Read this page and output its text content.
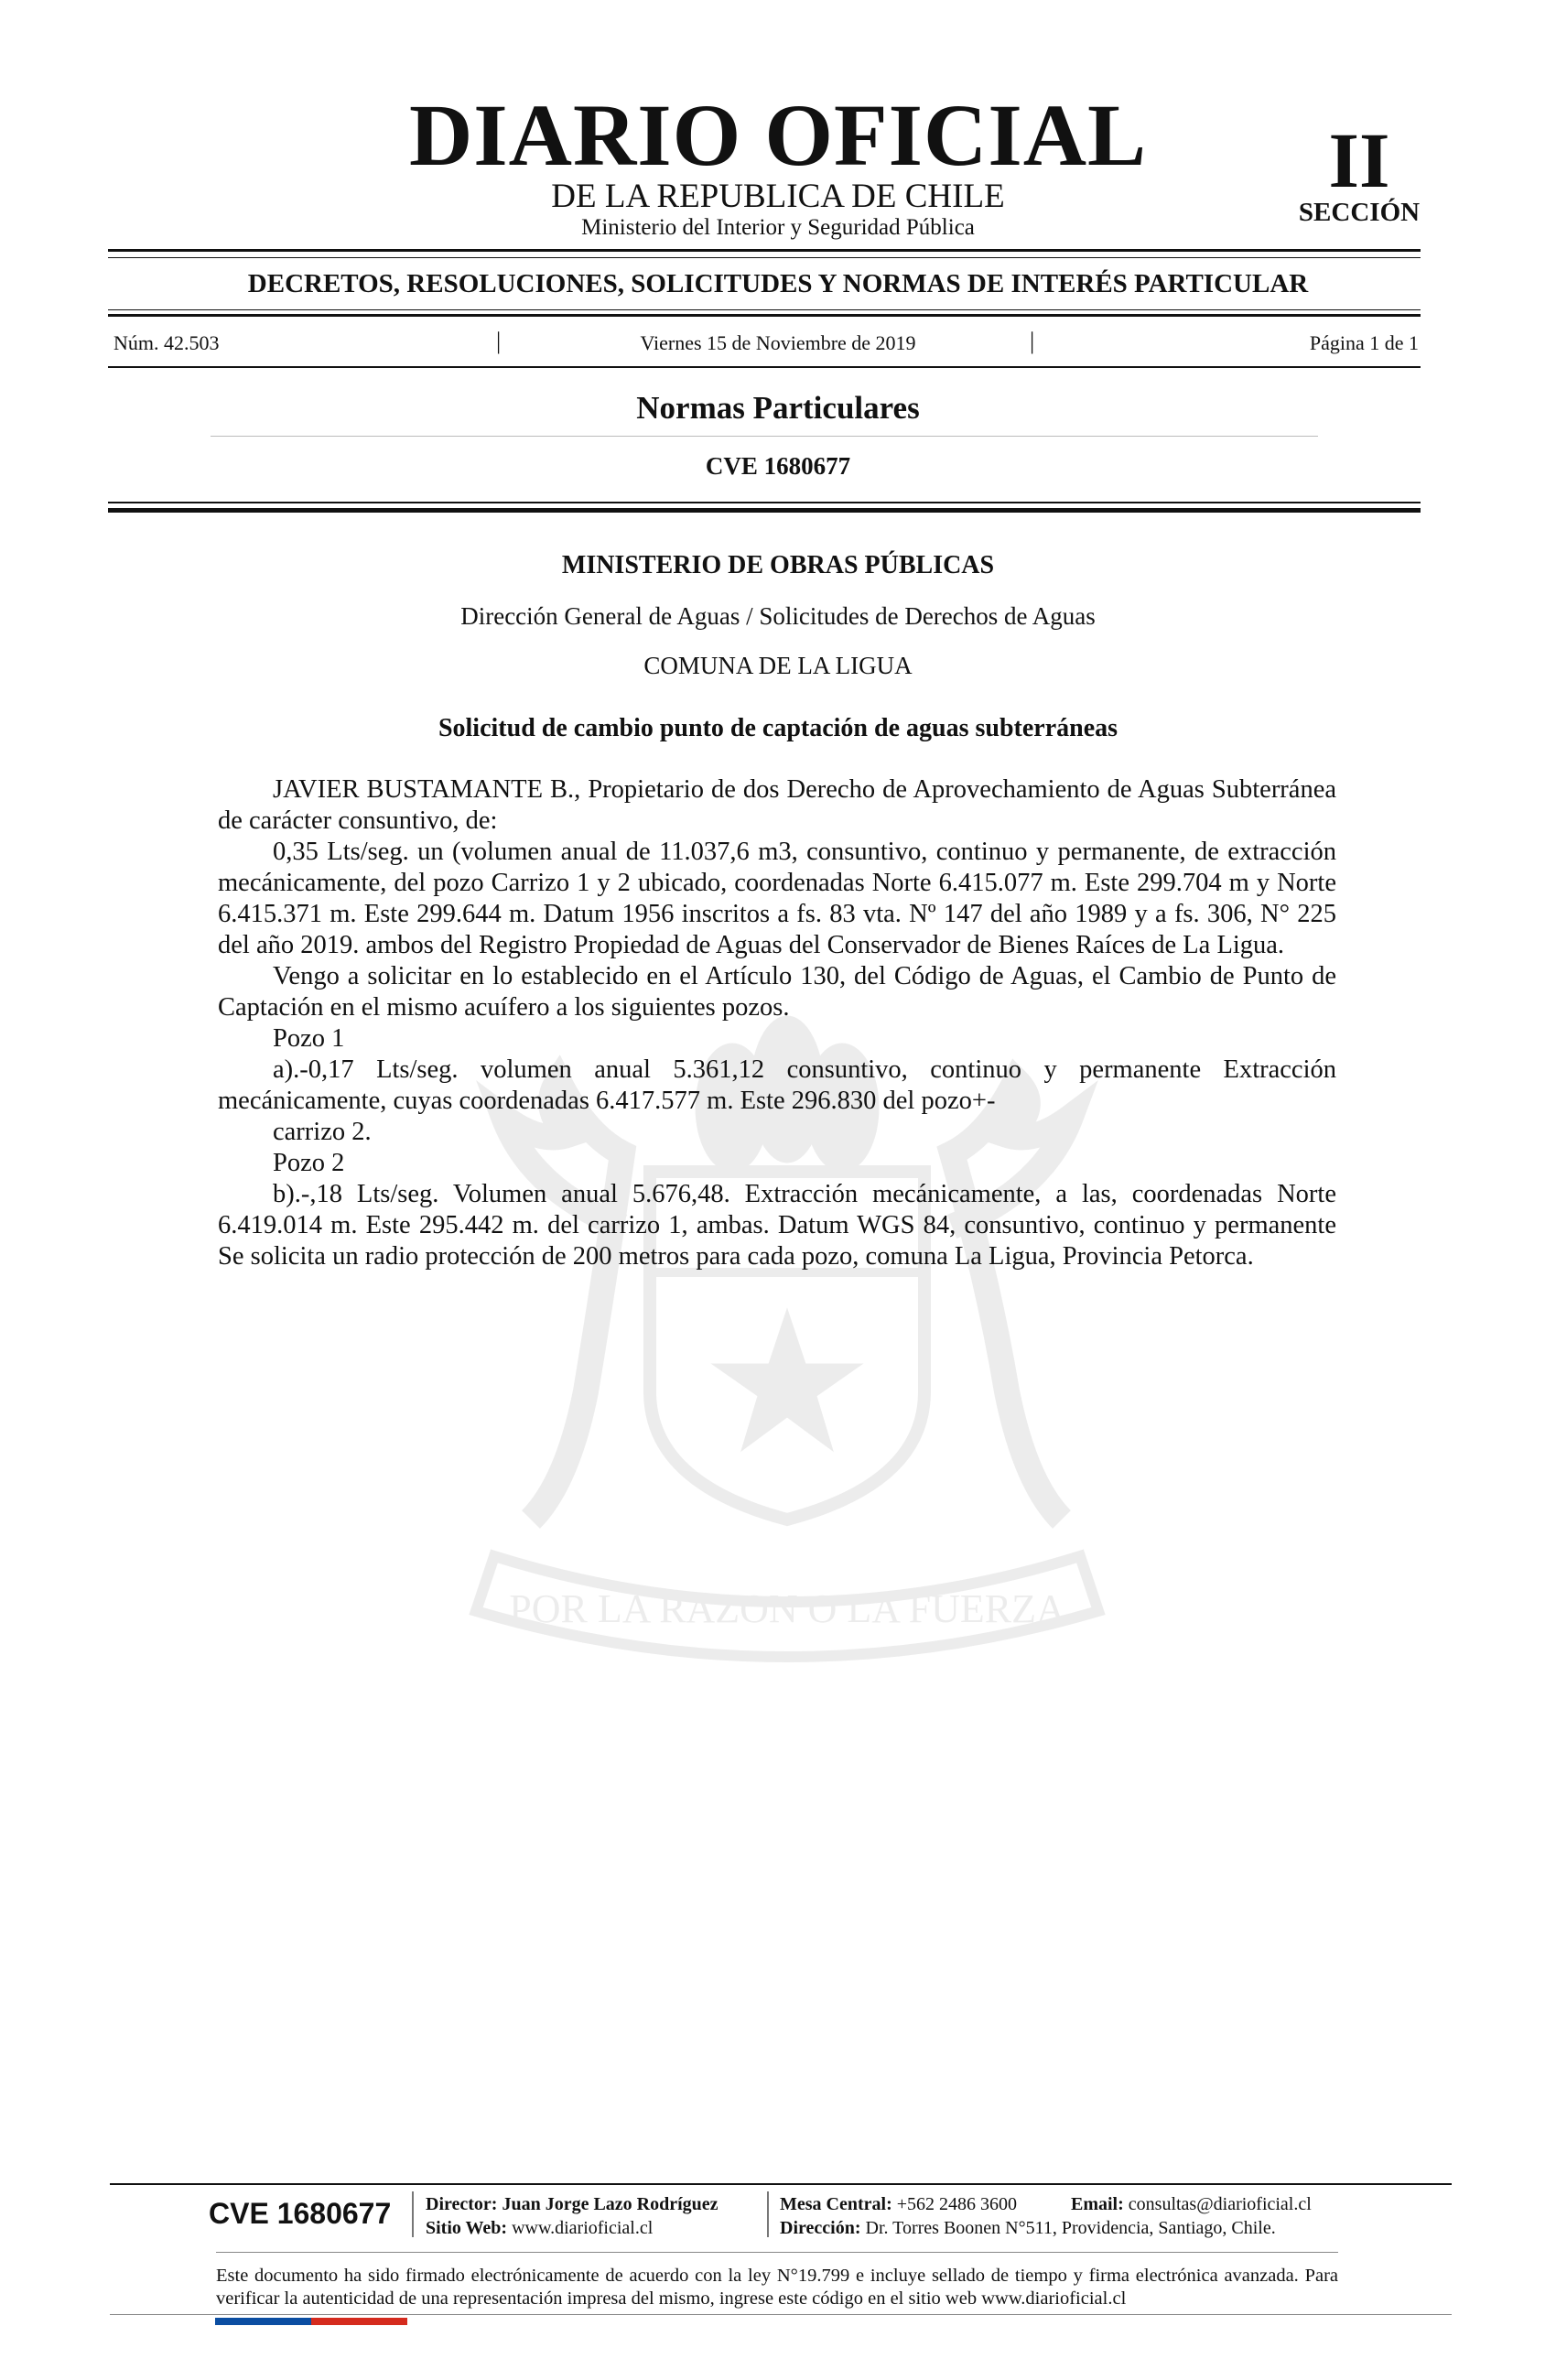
POR LA RAZON O LA FUERZA
DIARIO OFICIAL
DE LA REPUBLICA DE CHILE
Ministerio del Interior y Seguridad Pública
II
SECCIÓN
DECRETOS, RESOLUCIONES, SOLICITUDES Y NORMAS DE INTERÉS PARTICULAR
Núm. 42.503	|	Viernes 15 de Noviembre de 2019	|	Página 1 de 1
Normas Particulares
CVE 1680677
MINISTERIO DE OBRAS PÚBLICAS
Dirección General de Aguas / Solicitudes de Derechos de Aguas
COMUNA DE LA LIGUA
Solicitud de cambio punto de captación de aguas subterráneas

JAVIER BUSTAMANTE B., Propietario de dos Derecho de Aprovechamiento de Aguas Subterránea de carácter consuntivo, de:

0,35 Lts/seg. un (volumen anual de 11.037,6 m3, consuntivo, continuo y permanente, de extracción mecánicamente, del pozo Carrizo 1 y 2 ubicado, coordenadas Norte 6.415.077 m. Este 299.704 m y Norte 6.415.371 m. Este 299.644 m. Datum 1956 inscritos a fs. 83 vta. Nº 147 del año 1989 y a fs. 306, N° 225 del año 2019. ambos del Registro Propiedad de Aguas del Conservador de Bienes Raíces de La Ligua.

Vengo a solicitar en lo establecido en el Artículo 130, del Código de Aguas, el Cambio de Punto de Captación en el mismo acuífero a los siguientes pozos.

Pozo 1

a).-0,17 Lts/seg. volumen anual 5.361,12 consuntivo, continuo y permanente Extracción mecánicamente, cuyas coordenadas 6.417.577 m. Este 296.830 del pozo+-

carrizo 2.

Pozo 2

b).-,18 Lts/seg. Volumen anual 5.676,48. Extracción mecánicamente, a las, coordenadas Norte 6.419.014 m. Este 295.442 m. del carrizo 1, ambas. Datum WGS 84, consuntivo, continuo y permanente Se solicita un radio protección de 200 metros para cada pozo, comuna La Ligua, Provincia Petorca.

CVE 1680677 Director: Juan Jorge Lazo Rodríguez
Sitio Web: www.diarioficial.cl
Mesa Central: +562 2486 3600	Email: consultas@diarioficial.cl
Dirección: Dr. Torres Boonen N°511, Providencia, Santiago, Chile.
Este documento ha sido firmado electrónicamente de acuerdo con la ley N°19.799 e incluye sellado de tiempo y firma electrónica avanzada. Para verificar la autenticidad de una representación impresa del mismo, ingrese este código en el sitio web www.diarioficial.cl
